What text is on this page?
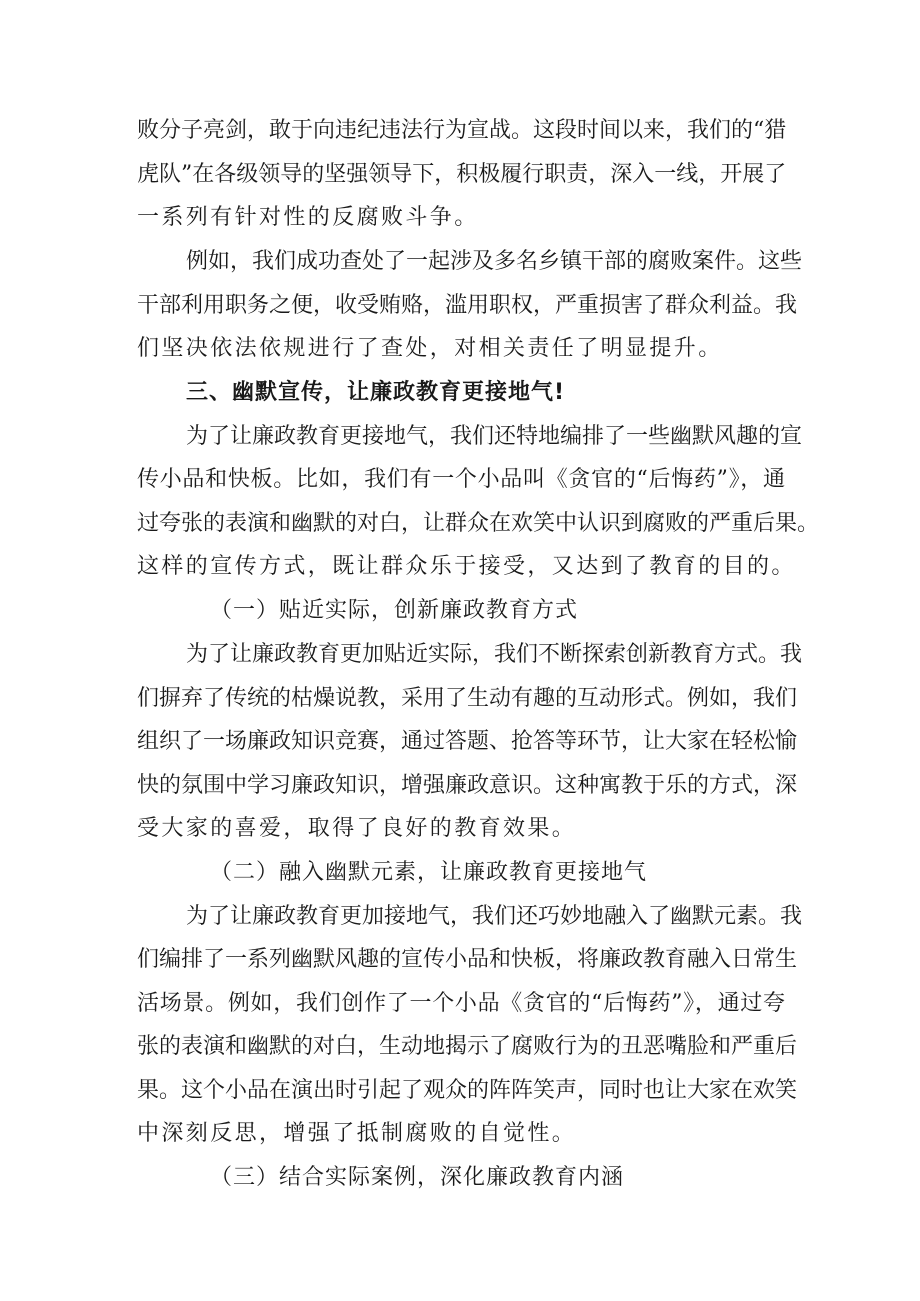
败分子亮剑，敢于向违纪违法行为宣战。这段时间以来，我们的“猎
虎队”在各级领导的坚强领导下，积极履行职责，深入一线，开展了
一系列有针对性的反腐败斗争。
例如，我们成功查处了一起涉及多名乡镇干部的腐败案件。这些
干部利用职务之便，收受贿赂，滥用职权，严重损害了群众利益。我
们坚决依法依规进行了查处，对相关责任了明显提升。
三、幽默宣传，让廉政教育更接地气!
为了让廉政教育更接地气，我们还特地编排了一些幽默风趣的宣
传小品和快板。比如，我们有一个小品叫《贪官的“后悔药”》，通
过夸张的表演和幽默的对白，让群众在欢笑中认识到腐败的严重后果。
这样的宣传方式，既让群众乐于接受，又达到了教育的目的。
（一）贴近实际，创新廉政教育方式
为了让廉政教育更加贴近实际，我们不断探索创新教育方式。我
们摒弃了传统的枯燥说教，采用了生动有趣的互动形式。例如，我们
组织了一场廉政知识竞赛，通过答题、抢答等环节，让大家在轻松愉
快的氛围中学习廉政知识，增强廉政意识。这种寓教于乐的方式，深
受大家的喜爱，取得了良好的教育效果。
（二）融入幽默元素，让廉政教育更接地气
为了让廉政教育更加接地气，我们还巧妙地融入了幽默元素。我
们编排了一系列幽默风趣的宣传小品和快板，将廉政教育融入日常生
活场景。例如，我们创作了一个小品《贪官的“后悔药”》，通过夸
张的表演和幽默的对白，生动地揭示了腐败行为的丑恶嘴脸和严重后
果。这个小品在演出时引起了观众的阵阵笑声，同时也让大家在欢笑
中深刻反思，增强了抵制腐败的自觉性。
（三）结合实际案例，深化廉政教育内涵
